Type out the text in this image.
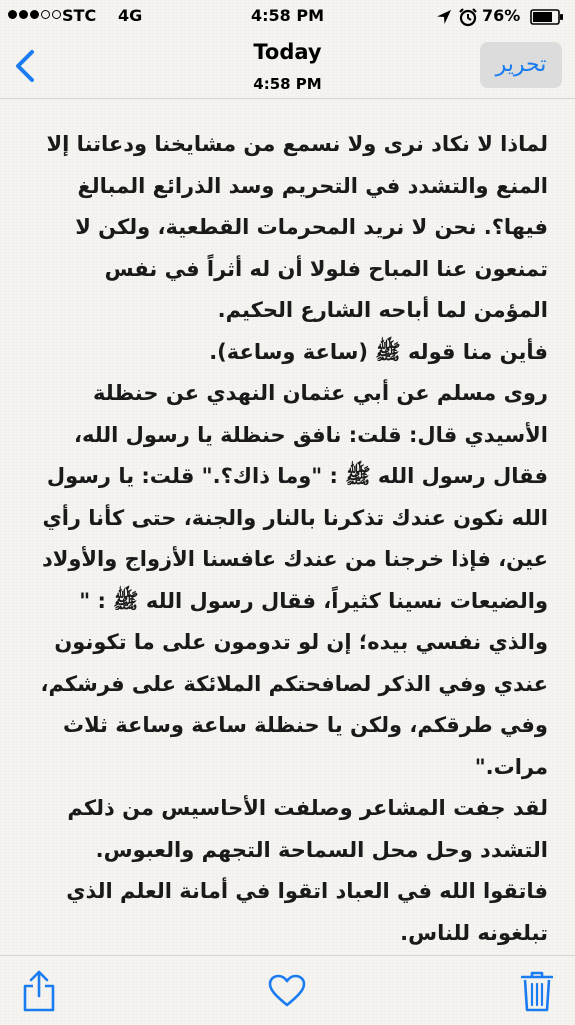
STC 4G	4:58 PM	76%
Today
4:58 PM
تحرير

لماذا لا نكاد نرى ولا نسمع من مشايخنا ودعاتنا إلا المنع والتشدد في التحريم وسد الذرائع المبالغ فيها؟. نحن لا نريد المحرمات القطعية، ولكن لا تمنعون عنا المباح فلولا أن له أثراً في نفس المؤمن لما أباحه الشارع الحكيم.

فأين منا قوله ﷺ (ساعة وساعة).

روى مسلم عن أبي عثمان النهدي عن حنظلة الأسيدي قال: قلت: نافق حنظلة يا رسول الله، فقال رسول الله ﷺ : "وما ذاك؟." قلت: يا رسول الله نكون عندك تذكرنا بالنار والجنة، حتى كأنا رأي عين، فإذا خرجنا من عندك عافسنا الأزواج والأولاد والضيعات نسينا كثيراً، فقال رسول الله ﷺ : " والذي نفسي بيده؛ إن لو تدومون على ما تكونون عندي وفي الذكر لصافحتكم الملائكة على فرشكم، وفي طرقكم، ولكن يا حنظلة ساعة وساعة ثلاث مرات."

لقد جفت المشاعر وصلفت الأحاسيس من ذلكم التشدد وحل محل السماحة التجهم والعبوس.

فاتقوا الله في العباد اتقوا في أمانة العلم الذي تبلغونه للناس.
